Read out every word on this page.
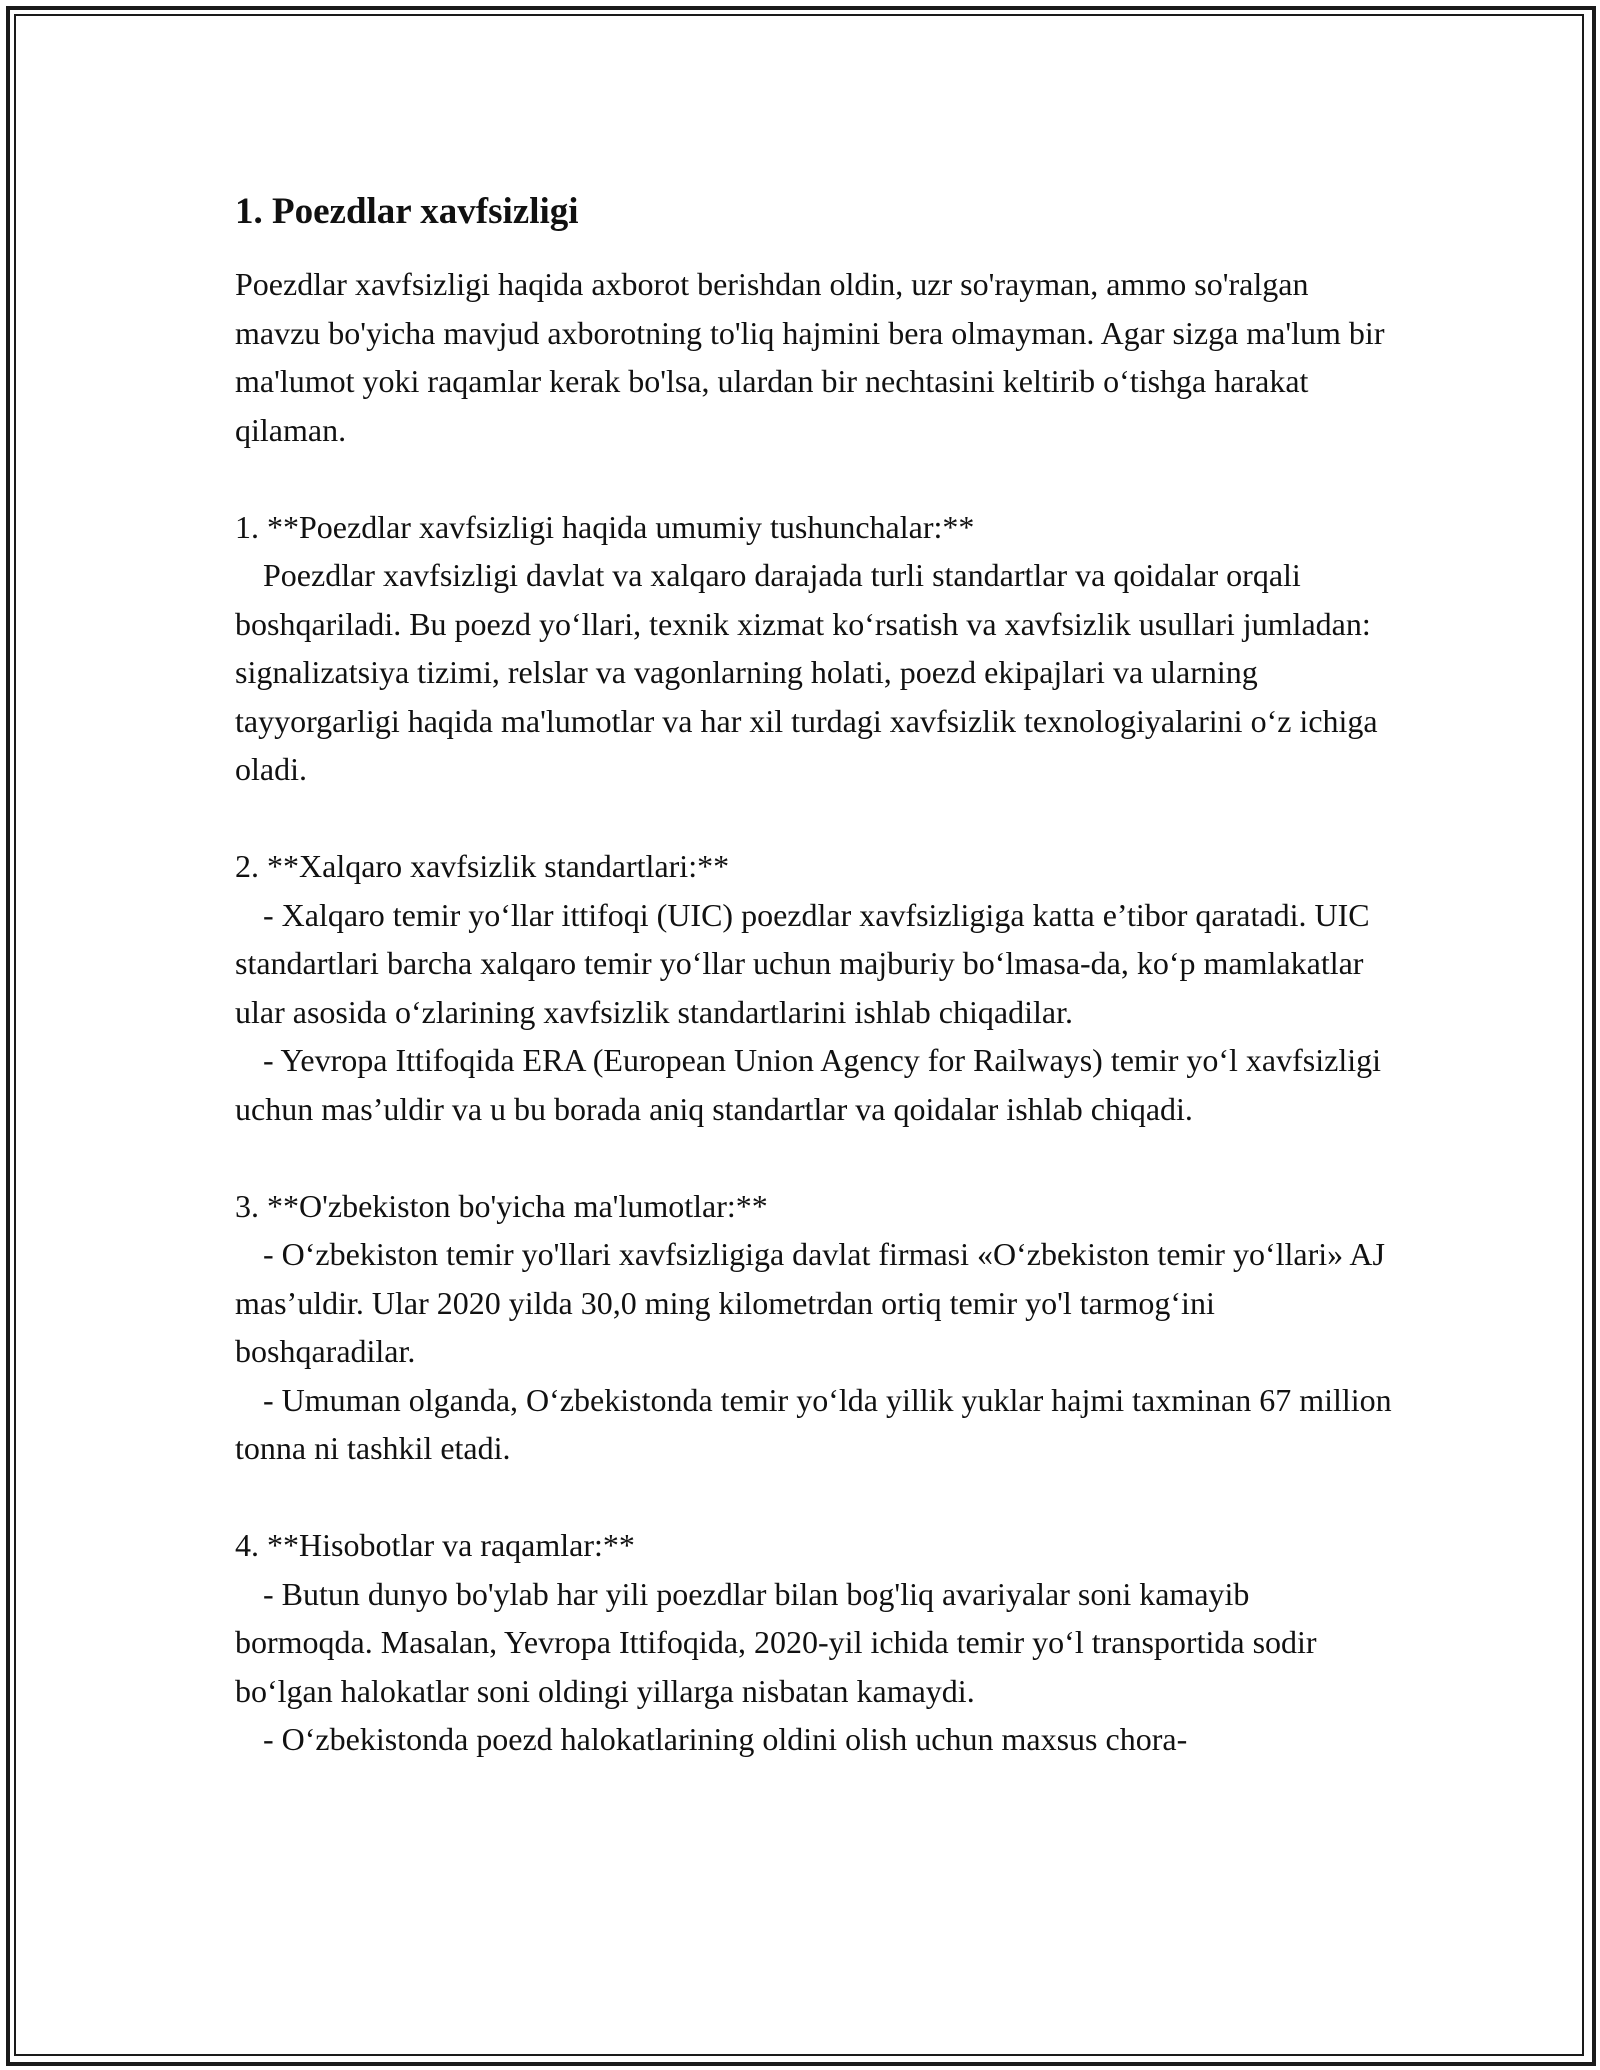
1. Poezdlar xavfsizligi

Poezdlar xavfsizligi haqida axborot berishdan oldin, uzr so'rayman, ammo so'ralgan mavzu bo'yicha mavjud axborotning to'liq hajmini bera olmayman. Agar sizga ma'lum bir ma'lumot yoki raqamlar kerak bo'lsa, ulardan bir nechtasini keltirib o‘tishga harakat qilaman.

1. **Poezdlar xavfsizligi haqida umumiy tushunchalar:**

Poezdlar xavfsizligi davlat va xalqaro darajada turli standartlar va qoidalar orqali boshqariladi. Bu poezd yo‘llari, texnik xizmat ko‘rsatish va xavfsizlik usullari jumladan: signalizatsiya tizimi, relslar va vagonlarning holati, poezd ekipajlari va ularning tayyorgarligi haqida ma'lumotlar va har xil turdagi xavfsizlik texnologiyalarini o‘z ichiga oladi.

2. **Xalqaro xavfsizlik standartlari:**

- Xalqaro temir yo‘llar ittifoqi (UIC) poezdlar xavfsizligiga katta e’tibor qaratadi. UIC standartlari barcha xalqaro temir yo‘llar uchun majburiy bo‘lmasa-da, ko‘p mamlakatlar ular asosida o‘zlarining xavfsizlik standartlarini ishlab chiqadilar.

- Yevropa Ittifoqida ERA (European Union Agency for Railways) temir yo‘l xavfsizligi uchun mas’uldir va u bu borada aniq standartlar va qoidalar ishlab chiqadi.

3. **O'zbekiston bo'yicha ma'lumotlar:**

- O‘zbekiston temir yo'llari xavfsizligiga davlat firmasi «O‘zbekiston temir yo‘llari» AJ mas’uldir. Ular 2020 yilda 30,0 ming kilometrdan ortiq temir yo'l tarmog‘ini boshqaradilar.

- Umuman olganda, O‘zbekistonda temir yo‘lda yillik yuklar hajmi taxminan 67 million tonna ni tashkil etadi.

4. **Hisobotlar va raqamlar:**

- Butun dunyo bo'ylab har yili poezdlar bilan bog'liq avariyalar soni kamayib bormoqda. Masalan, Yevropa Ittifoqida, 2020-yil ichida temir yo‘l transportida sodir bo‘lgan halokatlar soni oldingi yillarga nisbatan kamaydi.

- O‘zbekistonda poezd halokatlarining oldini olish uchun maxsus chora-
